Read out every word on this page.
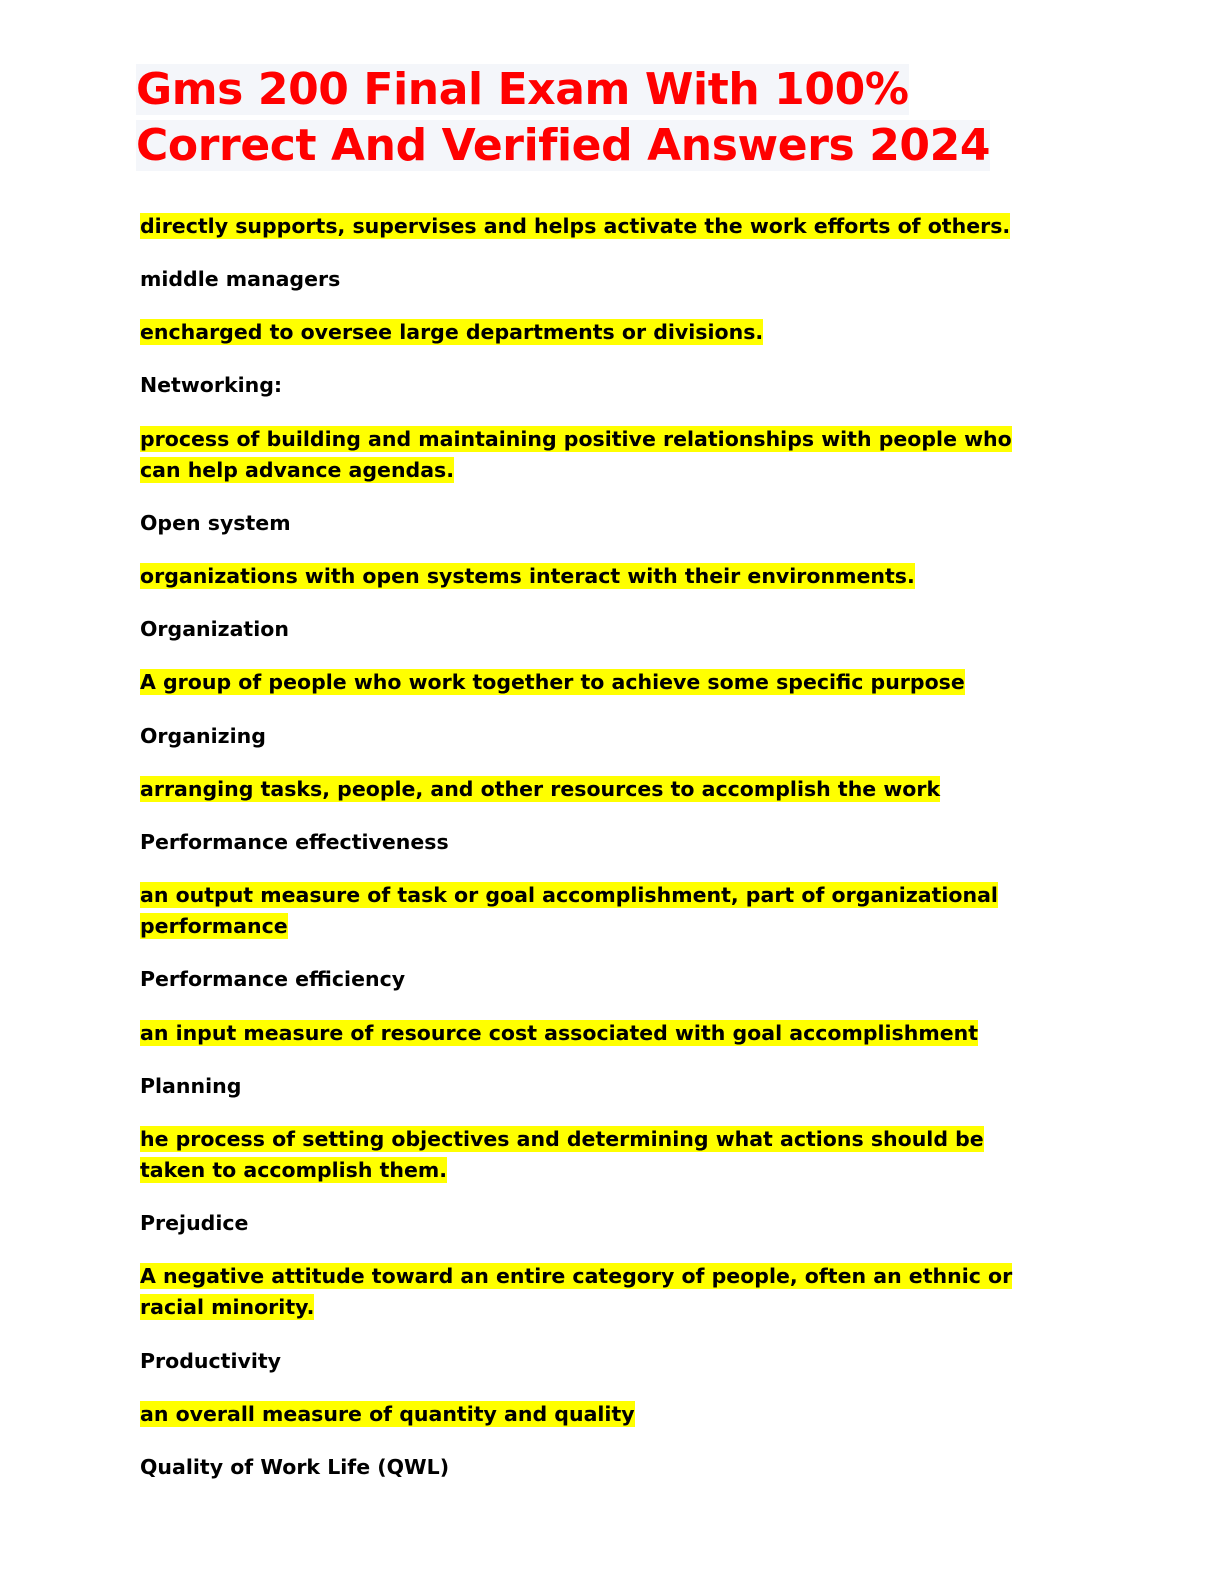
Gms 200 Final Exam With 100% Correct And Verified Answers 2024

directly supports, supervises and helps activate the work efforts of others.

middle managers

encharged to oversee large departments or divisions.

Networking:

process of building and maintaining positive relationships with people who can help advance agendas.

Open system

organizations with open systems interact with their environments.

Organization

A group of people who work together to achieve some specific purpose

Organizing

arranging tasks, people, and other resources to accomplish the work

Performance effectiveness

an output measure of task or goal accomplishment, part of organizational performance

Performance efficiency

an input measure of resource cost associated with goal accomplishment

Planning

he process of setting objectives and determining what actions should be taken to accomplish them.

Prejudice

A negative attitude toward an entire category of people, often an ethnic or racial minority.

Productivity

an overall measure of quantity and quality

Quality of Work Life (QWL)
